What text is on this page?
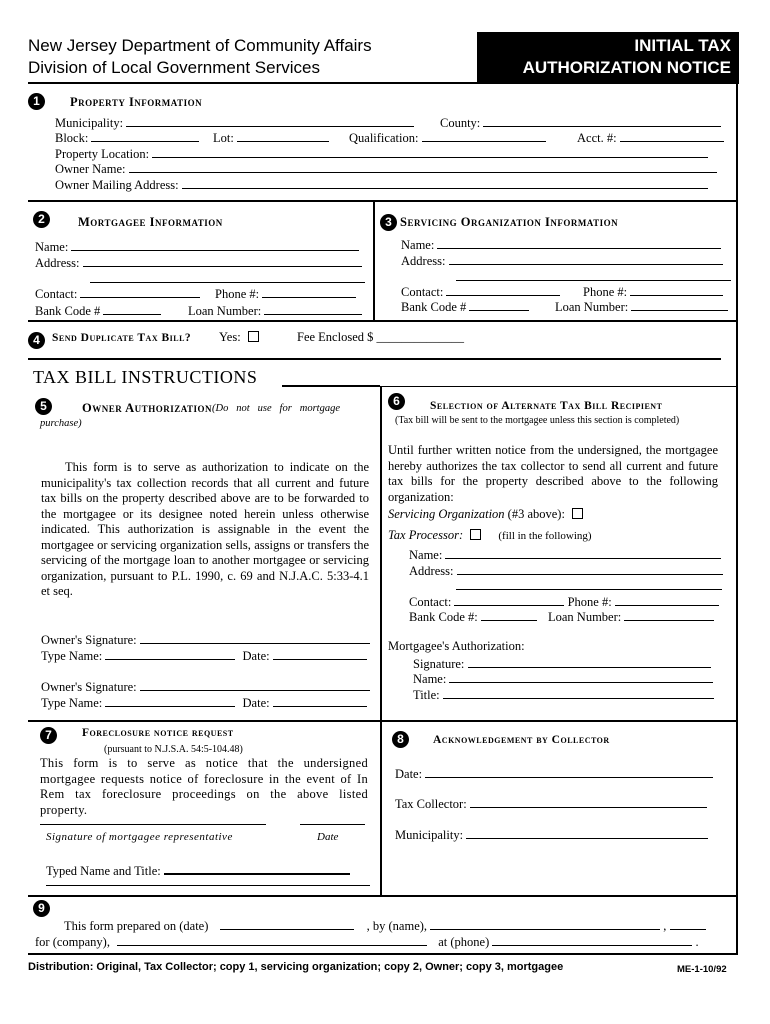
New Jersey Department of Community Affairs
Division of Local Government Services
INITIAL TAX
AUTHORIZATION NOTICE
1	Property Information
Municipality:	County:
Block:	Lot:	Qualification:	Acct. #:
Property Location:
Owner Name:
Owner Mailing Address:
2	Mortgagee Information
Name:
Address:
Contact:	Phone #:
Bank Code #	Loan Number:
3 Servicing Organization Information
Name:
Address:
Contact:	Phone #:
Bank Code #	Loan Number:
4	Send Duplicate Tax Bill? Yes:	Fee Enclosed $ ______________
TAX BILL INSTRUCTIONS
5	Owner Authorization (Do not use for mortgage purchase)
This form is to serve as authorization to indicate on the municipality's tax collection records that all current and future tax bills on the property described above are to be forwarded to the mortgagee or its designee noted herein unless otherwise indicated. This authorization is assignable in the event the mortgagee or servicing organization sells, assigns or transfers the servicing of the mortgage loan to another mortgagee or servicing organization, pursuant to P.L. 1990, c. 69 and N.J.A.C. 5:33-4.1 et seq.
Owner's Signature:
Type Name:	Date:
Owner's Signature:
Type Name:	Date:
6	Selection of Alternate Tax Bill Recipient
(Tax bill will be sent to the mortgagee unless this section is completed)
Until further written notice from the undersigned, the mortgagee hereby authorizes the tax collector to send all current and future tax bills for the property described above to the following organization:
Servicing Organization (#3 above):
Tax Processor:	(fill in the following)
Name:
Address:
Contact:	Phone #:
Bank Code #:	Loan Number:
Mortgagee's Authorization:
Signature:
Name:
Title:
7	Foreclosure notice request
(pursuant to N.J.S.A. 54:5-104.48)
This form is to serve as notice that the undersigned mortgagee requests notice of foreclosure in the event of In Rem tax foreclosure proceedings on the above listed property.
Signature of mortgagee representative	Date
Typed Name and Title:
8	Acknowledgement by Collector
Date:
Tax Collector:
Municipality:
9
This form prepared on (date)	, by (name),	,
for (company),	at (phone)	.
Distribution: Original, Tax Collector; copy 1, servicing organization; copy 2, Owner; copy 3, mortgagee	ME-1-10/92
